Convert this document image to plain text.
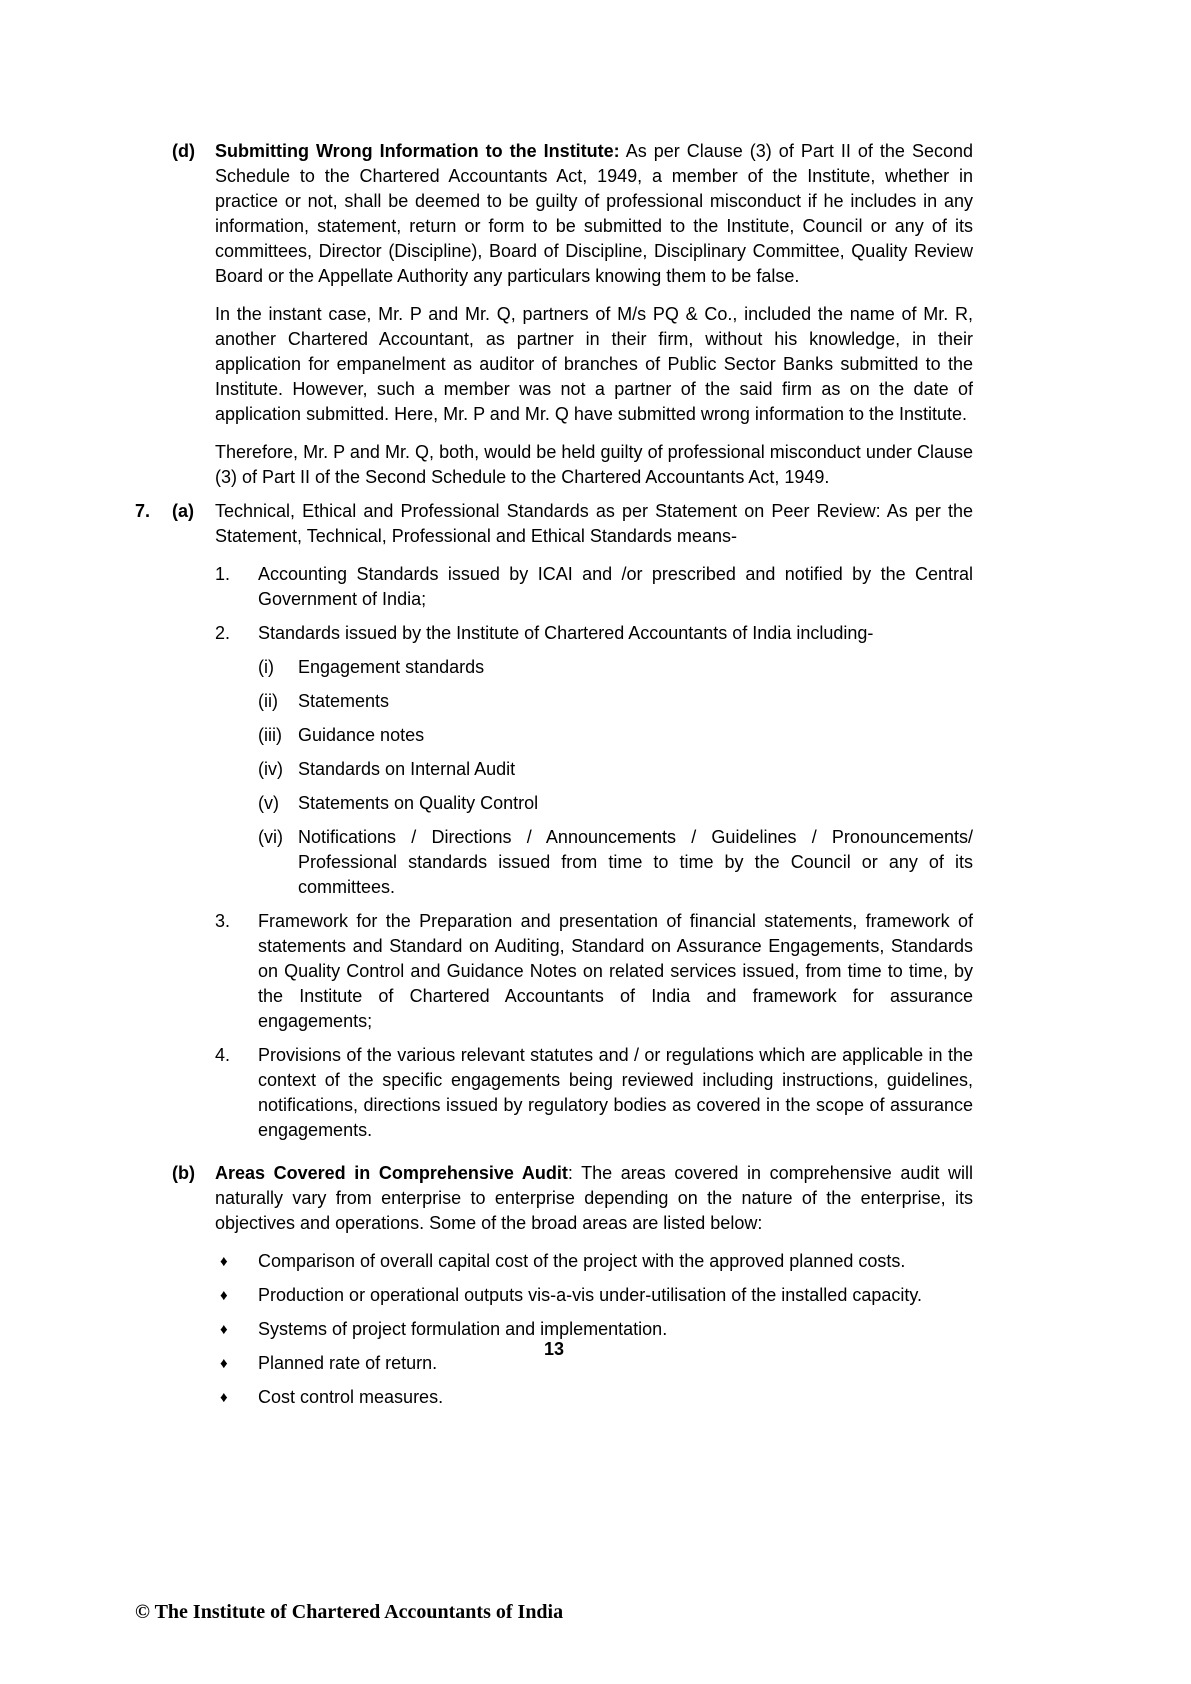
(d)	Submitting Wrong Information to the Institute: As per Clause (3) of Part II of the Second Schedule to the Chartered Accountants Act, 1949, a member of the Institute, whether in practice or not, shall be deemed to be guilty of professional misconduct if he includes in any information, statement, return or form to be submitted to the Institute, Council or any of its committees, Director (Discipline), Board of Discipline, Disciplinary Committee, Quality Review Board or the Appellate Authority any particulars knowing them to be false.

In the instant case, Mr. P and Mr. Q, partners of M/s PQ & Co., included the name of Mr. R, another Chartered Accountant, as partner in their firm, without his knowledge, in their application for empanelment as auditor of branches of Public Sector Banks submitted to the Institute. However, such a member was not a partner of the said firm as on the date of application submitted. Here, Mr. P and Mr. Q have submitted wrong information to the Institute.

Therefore, Mr. P and Mr. Q, both, would be held guilty of professional misconduct under Clause (3) of Part II of the Second Schedule to the Chartered Accountants Act, 1949.

7.	(a)	Technical, Ethical and Professional Standards as per Statement on Peer Review: As per the Statement, Technical, Professional and Ethical Standards means-

1.	Accounting Standards issued by ICAI and /or prescribed and notified by the Central Government of India;

2.	Standards issued by the Institute of Chartered Accountants of India including-

(i)	Engagement standards

(ii)	Statements

(iii) Guidance notes

(iv) Standards on Internal Audit

(v)	Statements on Quality Control

(vi) Notifications / Directions / Announcements / Guidelines / Pronouncements/ Professional standards issued from time to time by the Council or any of its committees.

3.	Framework for the Preparation and presentation of financial statements, framework of statements and Standard on Auditing, Standard on Assurance Engagements, Standards on Quality Control and Guidance Notes on related services issued, from time to time, by the Institute of Chartered Accountants of India and framework for assurance engagements;

4.	Provisions of the various relevant statutes and / or regulations which are applicable in the context of the specific engagements being reviewed including instructions, guidelines, notifications, directions issued by regulatory bodies as covered in the scope of assurance engagements.

(b)	Areas Covered in Comprehensive Audit: The areas covered in comprehensive audit will naturally vary from enterprise to enterprise depending on the nature of the enterprise, its objectives and operations. Some of the broad areas are listed below:

♦	Comparison of overall capital cost of the project with the approved planned costs.

♦	Production or operational outputs vis-a-vis under-utilisation of the installed capacity.

♦	Systems of project formulation and implementation.

♦	Planned rate of return.

♦	Cost control measures.

13
© The Institute of Chartered Accountants of India
